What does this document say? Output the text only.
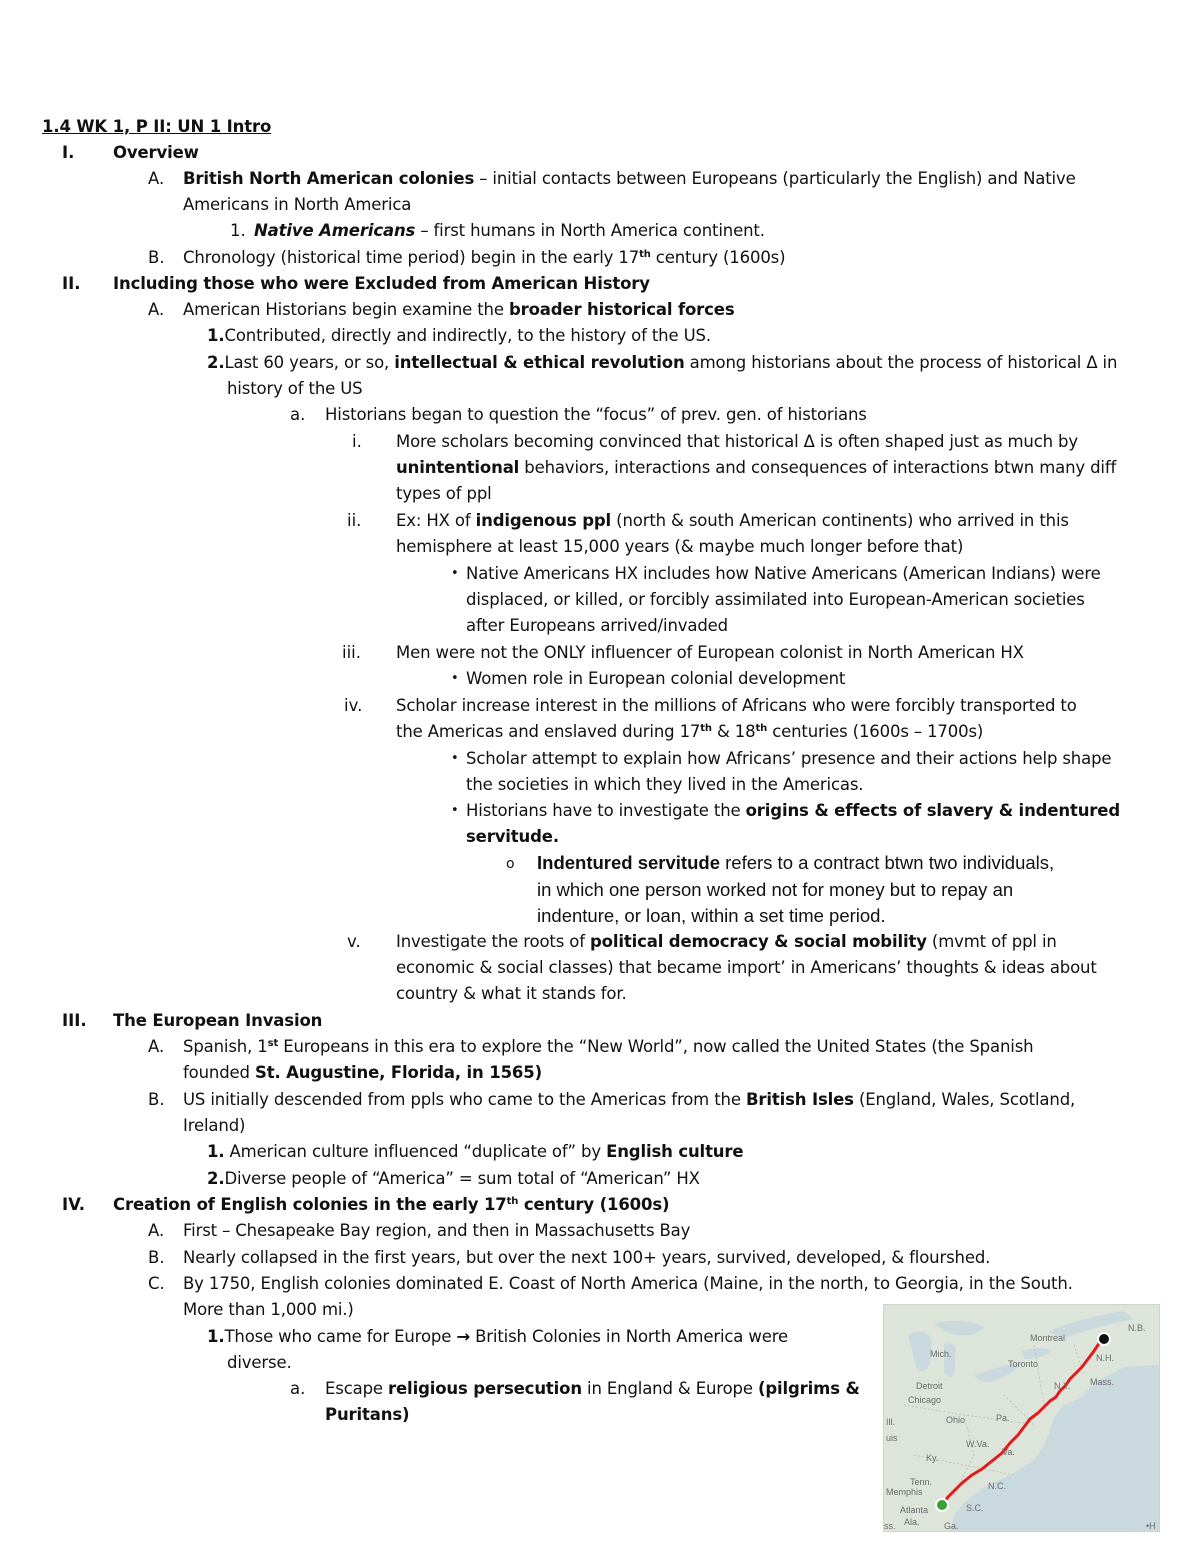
1.4 WK 1, P II: UN 1 Intro
I. Overview
A. British North American colonies – initial contacts between Europeans (particularly the English) and Native
Americans in North America
1. Native Americans – first humans in North America continent.
B. Chronology (historical time period) begin in the early 17th century (1600s)
II. Including those who were Excluded from American History
A. American Historians begin examine the broader historical forces
1.Contributed, directly and indirectly, to the history of the US.
2.Last 60 years, or so, intellectual & ethical revolution among historians about the process of historical Δ in
history of the US
a. Historians began to question the “focus” of prev. gen. of historians
i. More scholars becoming convinced that historical Δ is often shaped just as much by
unintentional behaviors, interactions and consequences of interactions btwn many diff
types of ppl
ii. Ex: HX of indigenous ppl (north & south American continents) who arrived in this
hemisphere at least 15,000 years (& maybe much longer before that)
• Native Americans HX includes how Native Americans (American Indians) were
displaced, or killed, or forcibly assimilated into European-American societies
after Europeans arrived/invaded
iii. Men were not the ONLY influencer of European colonist in North American HX
• Women role in European colonial development
iv. Scholar increase interest in the millions of Africans who were forcibly transported to
the Americas and enslaved during 17th & 18th centuries (1600s – 1700s)
• Scholar attempt to explain how Africans’ presence and their actions help shape
the societies in which they lived in the Americas.
• Historians have to investigate the origins & effects of slavery & indentured
servitude.
o Indentured servitude refers to a contract btwn two individuals,
in which one person worked not for money but to repay an
indenture, or loan, within a set time period.
v. Investigate the roots of political democracy & social mobility (mvmt of ppl in
economic & social classes) that became import’ in Americans’ thoughts & ideas about
country & what it stands for.
III. The European Invasion
A. Spanish, 1st Europeans in this era to explore the “New World”, now called the United States (the Spanish
founded St. Augustine, Florida, in 1565)
B. US initially descended from ppls who came to the Americas from the British Isles (England, Wales, Scotland,
Ireland)
1. American culture influenced “duplicate of” by English culture
2.Diverse people of “America” = sum total of “American” HX
IV. Creation of English colonies in the early 17th century (1600s)
A. First – Chesapeake Bay region, and then in Massachusetts Bay
B. Nearly collapsed in the first years, but over the next 100+ years, survived, developed, & flourshed.
C. By 1750, English colonies dominated E. Coast of North America (Maine, in the north, to Georgia, in the South.
More than 1,000 mi.)
1.Those who came for Europe → British Colonies in North America were
diverse.
a. Escape religious persecution in England & Europe (pilgrims &
Puritans)
N.B.
Montreal
Mich.
Toronto
N.H.
N.Y. Mass.
Detroit
Chicago
Ohio	Pa.
Ill.
uis
W.Va.
Va.
Ky.
Tenn.
Memphis
N.C.
Atlanta	S.C.
Ala.	Ga.
ss.	•H
